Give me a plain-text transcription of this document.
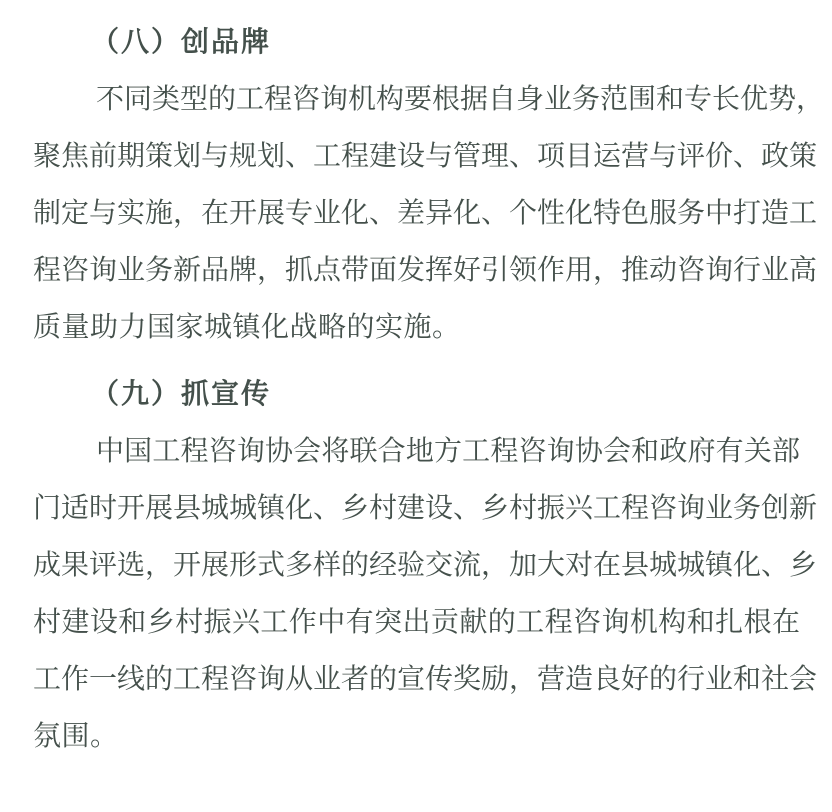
（八）创品牌
不同类型的工程咨询机构要根据自身业务范围和专长优势，
聚焦前期策划与规划、工程建设与管理、项目运营与评价、政策
制定与实施，在开展专业化、差异化、个性化特色服务中打造工
程咨询业务新品牌，抓点带面发挥好引领作用，推动咨询行业高
质量助力国家城镇化战略的实施。
（九）抓宣传
中国工程咨询协会将联合地方工程咨询协会和政府有关部
门适时开展县城城镇化、乡村建设、乡村振兴工程咨询业务创新
成果评选，开展形式多样的经验交流，加大对在县城城镇化、乡
村建设和乡村振兴工作中有突出贡献的工程咨询机构和扎根在
工作一线的工程咨询从业者的宣传奖励，营造良好的行业和社会
氛围。
